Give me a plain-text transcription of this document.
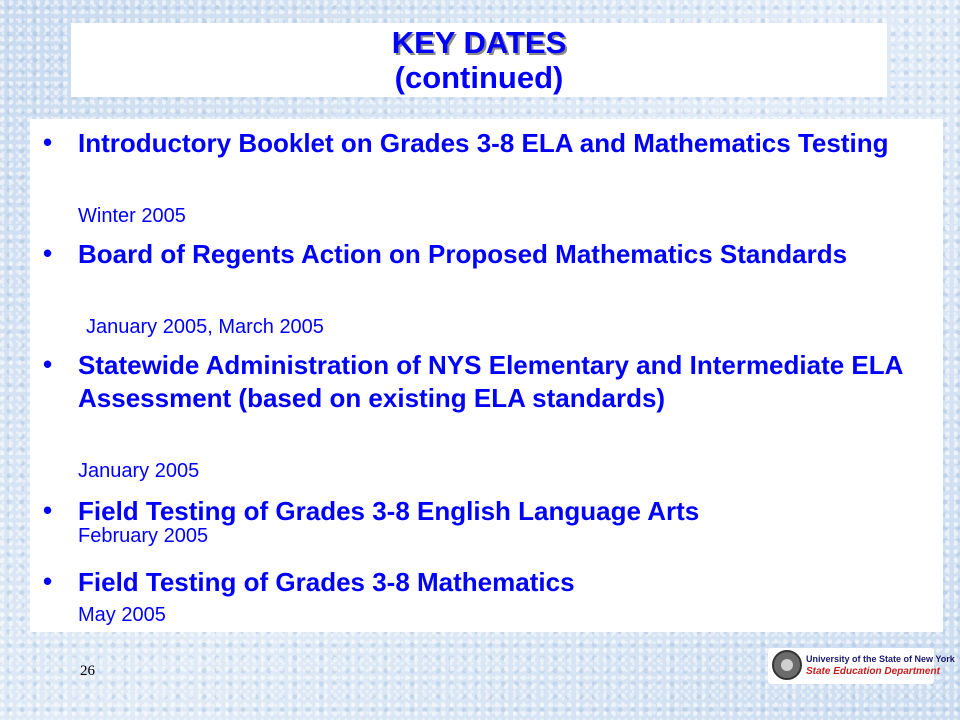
KEY DATES
(continued)
• Introductory Booklet on Grades 3-8 ELA and Mathematics Testing
Winter 2005
• Board of Regents Action on Proposed Mathematics Standards
January 2005, March 2005
• Statewide Administration of NYS Elementary and Intermediate ELA Assessment (based on existing ELA standards)
January 2005
• Field Testing of Grades 3-8 English Language Arts
February 2005
• Field Testing of Grades 3-8 Mathematics
May 2005
26
University of the State of New York
State Education Department
